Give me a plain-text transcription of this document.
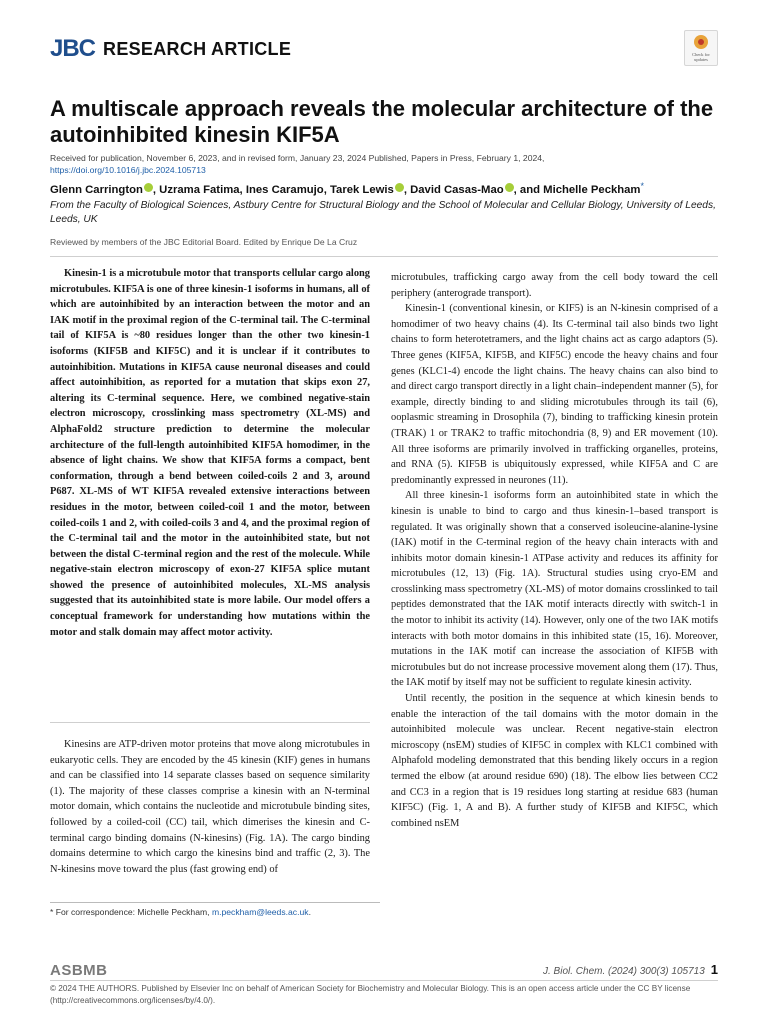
JBC RESEARCH ARTICLE	Check for updates
A multiscale approach reveals the molecular architecture of the autoinhibited kinesin KIF5A
Received for publication, November 6, 2023, and in revised form, January 23, 2024 Published, Papers in Press, February 1, 2024,
https://doi.org/10.1016/j.jbc.2024.105713
Glenn Carrington , Uzrama Fatima, Ines Caramujo, Tarek Lewis , David Casas-Mao , and Michelle Peckham*
From the Faculty of Biological Sciences, Astbury Centre for Structural Biology and the School of Molecular and Cellular Biology, University of Leeds, Leeds, UK
Reviewed by members of the JBC Editorial Board. Edited by Enrique De La Cruz

Kinesin-1 is a microtubule motor that transports cellular cargo along microtubules. KIF5A is one of three kinesin-1 isoforms in humans, all of which are autoinhibited by an interaction between the motor and an IAK motif in the proximal region of the C-terminal tail. The C-terminal tail of KIF5A is ~80 residues longer than the other two kinesin-1 isoforms (KIF5B and KIF5C) and it is unclear if it contributes to autoinhibition. Mutations in KIF5A cause neuronal diseases and could affect autoinhibition, as reported for a mutation that skips exon 27, altering its C-terminal sequence. Here, we combined negative-stain electron microscopy, crosslinking mass spectrometry (XL-MS) and AlphaFold2 structure prediction to determine the molecular architecture of the full-length autoinhibited KIF5A homodimer, in the absence of light chains. We show that KIF5A forms a compact, bent conformation, through a bend between coiled-coils 2 and 3, around P687. XL-MS of WT KIF5A revealed extensive interactions between residues in the motor, between coiled-coil 1 and the motor, between coiled-coils 1 and 2, with coiled-coils 3 and 4, and the proximal region of the C-terminal tail and the motor in the autoinhibited state, but not between the distal C-terminal region and the rest of the molecule. While negative-stain electron microscopy of exon-27 KIF5A splice mutant showed the presence of autoinhibited molecules, XL-MS analysis suggested that its autoinhibited state is more labile. Our model offers a conceptual framework for understanding how mutations within the motor and stalk domain may affect motor activity.

Kinesins are ATP-driven motor proteins that move along microtubules in eukaryotic cells. They are encoded by the 45 kinesin (KIF) genes in humans and can be classified into 14 separate classes based on sequence similarity (1). The majority of these classes comprise a kinesin with an N-terminal motor domain, which contains the nucleotide and microtubule binding sites, followed by a coiled-coil (CC) tail, which dimerises the kinesin and C-terminal cargo binding domains (N-kinesins) (Fig. 1A). The cargo binding domains determine to which cargo the kinesins bind and traffic (2, 3). The N-kinesins move toward the plus (fast growing end) of

microtubules, trafficking cargo away from the cell body toward the cell periphery (anterograde transport).

Kinesin-1 (conventional kinesin, or KIF5) is an N-kinesin comprised of a homodimer of two heavy chains (4). Its C-terminal tail also binds two light chains to form heterotetramers, and the light chains act as cargo adaptors (5). Three genes (KIF5A, KIF5B, and KIF5C) encode the heavy chains and four genes (KLC1-4) encode the light chains. The heavy chains can also bind to and direct cargo transport directly in a light chain–independent manner (5), for example, directly binding to and sliding microtubules through its tail (6), ooplasmic streaming in Drosophila (7), binding to trafficking kinesin protein (TRAK) 1 or TRAK2 to traffic mitochondria (8, 9) and ER movement (10). All three isoforms are primarily involved in trafficking organelles, proteins, and RNA (5). KIF5B is ubiquitously expressed, while KIF5A and C are predominantly expressed in neurones (11).

All three kinesin-1 isoforms form an autoinhibited state in which the kinesin is unable to bind to cargo and thus kinesin-1–based transport is regulated. It was originally shown that a conserved isoleucine-alanine-lysine (IAK) motif in the C-terminal region of the heavy chain interacts with and inhibits motor domain kinesin-1 ATPase activity and reduces its affinity for microtubules (12, 13) (Fig. 1A). Structural studies using cryo-EM and crosslinking mass spectrometry (XL-MS) of motor domains crosslinked to tail peptides demonstrated that the IAK motif interacts directly with switch-1 in the motor to inhibit its activity (14). However, only one of the two IAK motifs interacts with both motor domains in this inhibited state (15, 16). Moreover, mutations in the IAK motif can increase the association of KIF5B with microtubules but do not increase processive movement along them (17). Thus, the IAK motif by itself may not be sufficient to regulate kinesin activity.

Until recently, the position in the sequence at which kinesin bends to enable the interaction of the tail domains with the motor domain in the autoinhibited molecule was unclear. Recent negative-stain electron microscopy (nsEM) studies of KIF5C in complex with KLC1 combined with Alphafold modeling demonstrated that this bending likely occurs in a region termed the elbow (at around residue 690) (18). The elbow lies between CC2 and CC3 in a region that is 19 residues long starting at residue 683 (human KIF5C) (Fig. 1, A and B). A further study of KIF5B and KIF5C, which combined nsEM

* For correspondence: Michelle Peckham, m.peckham@leeds.ac.uk.
ASBMB	J. Biol. Chem. (2024) 300(3) 105713 1
© 2024 THE AUTHORS. Published by Elsevier Inc on behalf of American Society for Biochemistry and Molecular Biology. This is an open access article under the CC BY license (http://creativecommons.org/licenses/by/4.0/).
